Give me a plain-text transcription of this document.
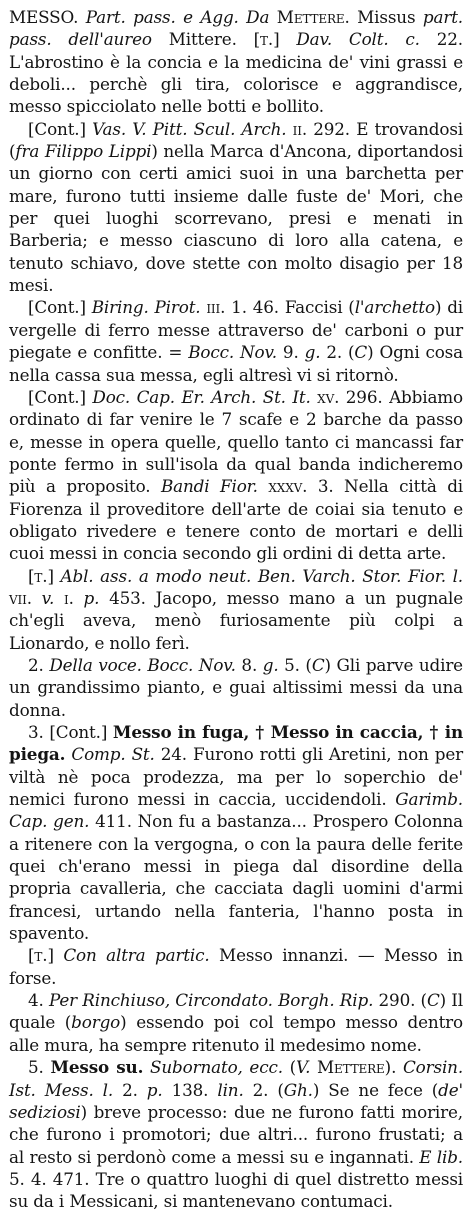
MESSO. Part. pass. e Agg. Da Mettere. Missus part. pass. dell'aureo Mittere. [t.] Dav. Colt. c. 22. L'abrostino è la concia e la medicina de' vini grassi e deboli... perchè gli tira, colorisce e aggrandisce, messo spicciolato nelle botti e bollito.

[Cont.] Vas. V. Pitt. Scul. Arch. ii. 292. E trovandosi (fra Filippo Lippi) nella Marca d'Ancona, diportandosi un giorno con certi amici suoi in una barchetta per mare, furono tutti insieme dalle fuste de' Mori, che per quei luoghi scorrevano, presi e menati in Barberia; e messo ciascuno di loro alla catena, e tenuto schiavo, dove stette con molto disagio per 18 mesi.

[Cont.] Biring. Pirot. iii. 1. 46. Faccisi (l'archetto) di vergelle di ferro messe attraverso de' carboni o pur piegate e confitte. = Bocc. Nov. 9. g. 2. (C) Ogni cosa nella cassa sua messa, egli altresì vi si ritornò.

[Cont.] Doc. Cap. Er. Arch. St. It. xv. 296. Abbiamo ordinato di far venire le 7 scafe e 2 barche da passo e, messe in opera quelle, quello tanto ci mancassi far ponte fermo in sull'isola da qual banda indicheremo più a proposito. Bandi Fior. xxxv. 3. Nella città di Fiorenza il proveditore dell'arte de coiai sia tenuto e obligato rivedere e tenere conto de mortari e delli cuoi messi in concia secondo gli ordini di detta arte.

[t.] Abl. ass. a modo neut. Ben. Varch. Stor. Fior. l. vii. v. i. p. 453. Jacopo, messo mano a un pugnale ch'egli aveva, menò furiosamente più colpi a Lionardo, e nollo ferì.

2. Della voce. Bocc. Nov. 8. g. 5. (C) Gli parve udire un grandissimo pianto, e guai altissimi messi da una donna.

3. [Cont.] Messo in fuga, † Messo in caccia, † in piega. Comp. St. 24. Furono rotti gli Aretini, non per viltà nè poca prodezza, ma per lo soperchio de' nemici furono messi in caccia, uccidendoli. Garimb. Cap. gen. 411. Non fu a bastanza... Prospero Colonna a ritenere con la vergogna, o con la paura delle ferite quei ch'erano messi in piega dal disordine della propria cavalleria, che cacciata dagli uomini d'armi francesi, urtando nella fanteria, l'hanno posta in spavento.

[t.] Con altra partic. Messo innanzi. — Messo in forse.

4. Per Rinchiuso, Circondato. Borgh. Rip. 290. (C) Il quale (borgo) essendo poi col tempo messo dentro alle mura, ha sempre ritenuto il medesimo nome.

5. Messo su. Subornato, ecc. (V. Mettere). Corsin. Ist. Mess. l. 2. p. 138. lin. 2. (Gh.) Se ne fece (de' sediziosi) breve processo: due ne furono fatti morire, che furono i promotori; due altri... furono frustati; a al resto si perdonò come a messi su e ingannati. E lib. 5. 4. 471. Tre o quattro luoghi di quel distretto messi su da i Messicani, si mantenevano contumaci.
